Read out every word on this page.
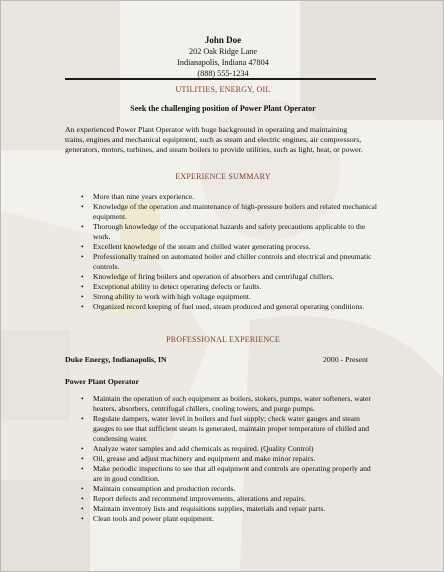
John Doe
202 Oak Ridge Lane
Indianapolis, Indiana 47804
(888) 555-1234
UTILITIES, ENERGY, OIL
Seek the challenging position of Power Plant Operator
An experienced Power Plant Operator with huge background in operating and maintaining trains, engines and mechanical equipment, such as steam and electric engines, air compressors, generators, motors, turbines, and steam boilers to provide utilities, such as light, heat, or power.
EXPERIENCE SUMMARY
• More than nine years experience.
• Knowledge of the operation and maintenance of high-pressure boilers and related mechanical equipment.
• Thorough knowledge of the occupational hazards and safety precautions applicable to the work.
• Excellent knowledge of the steam and chilled water generating process.
• Professionally trained on automated boiler and chiller controls and electrical and pneumatic controls.
• Knowledge of firing boilers and operation of absorbers and centrifugal chillers.
• Exceptional ability to detect operating defects or faults.
• Strong ability to work with high voltage equipment.
• Organized record keeping of fuel used, steam produced and general operating conditions.
PROFESSIONAL EXPERIENCE
Duke Energy, Indianapolis, IN	2000 - Present
Power Plant Operator
• Maintain the operation of such equipment as boilers, stokers, pumps, water softeners, water heaters, absorbers, centrifugal chillers, cooling towers, and purge pumps.
• Regulate dampers, water level in boilers and fuel supply; check water gauges and steam gauges to see that sufficient steam is generated, maintain proper temperature of chilled and condensing water.
• Analyze water samples and add chemicals as required. (Quality Control)
• Oil, grease and adjust machinery and equipment and make minor repairs.
• Make periodic inspections to see that all equipment and controls are operating properly and are in good condition.
• Maintain consumption and production records.
• Report defects and recommend improvements, alterations and repairs.
• Maintain inventory lists and requisitions supplies, materials and repair parts.
• Clean tools and power plant equipment.
